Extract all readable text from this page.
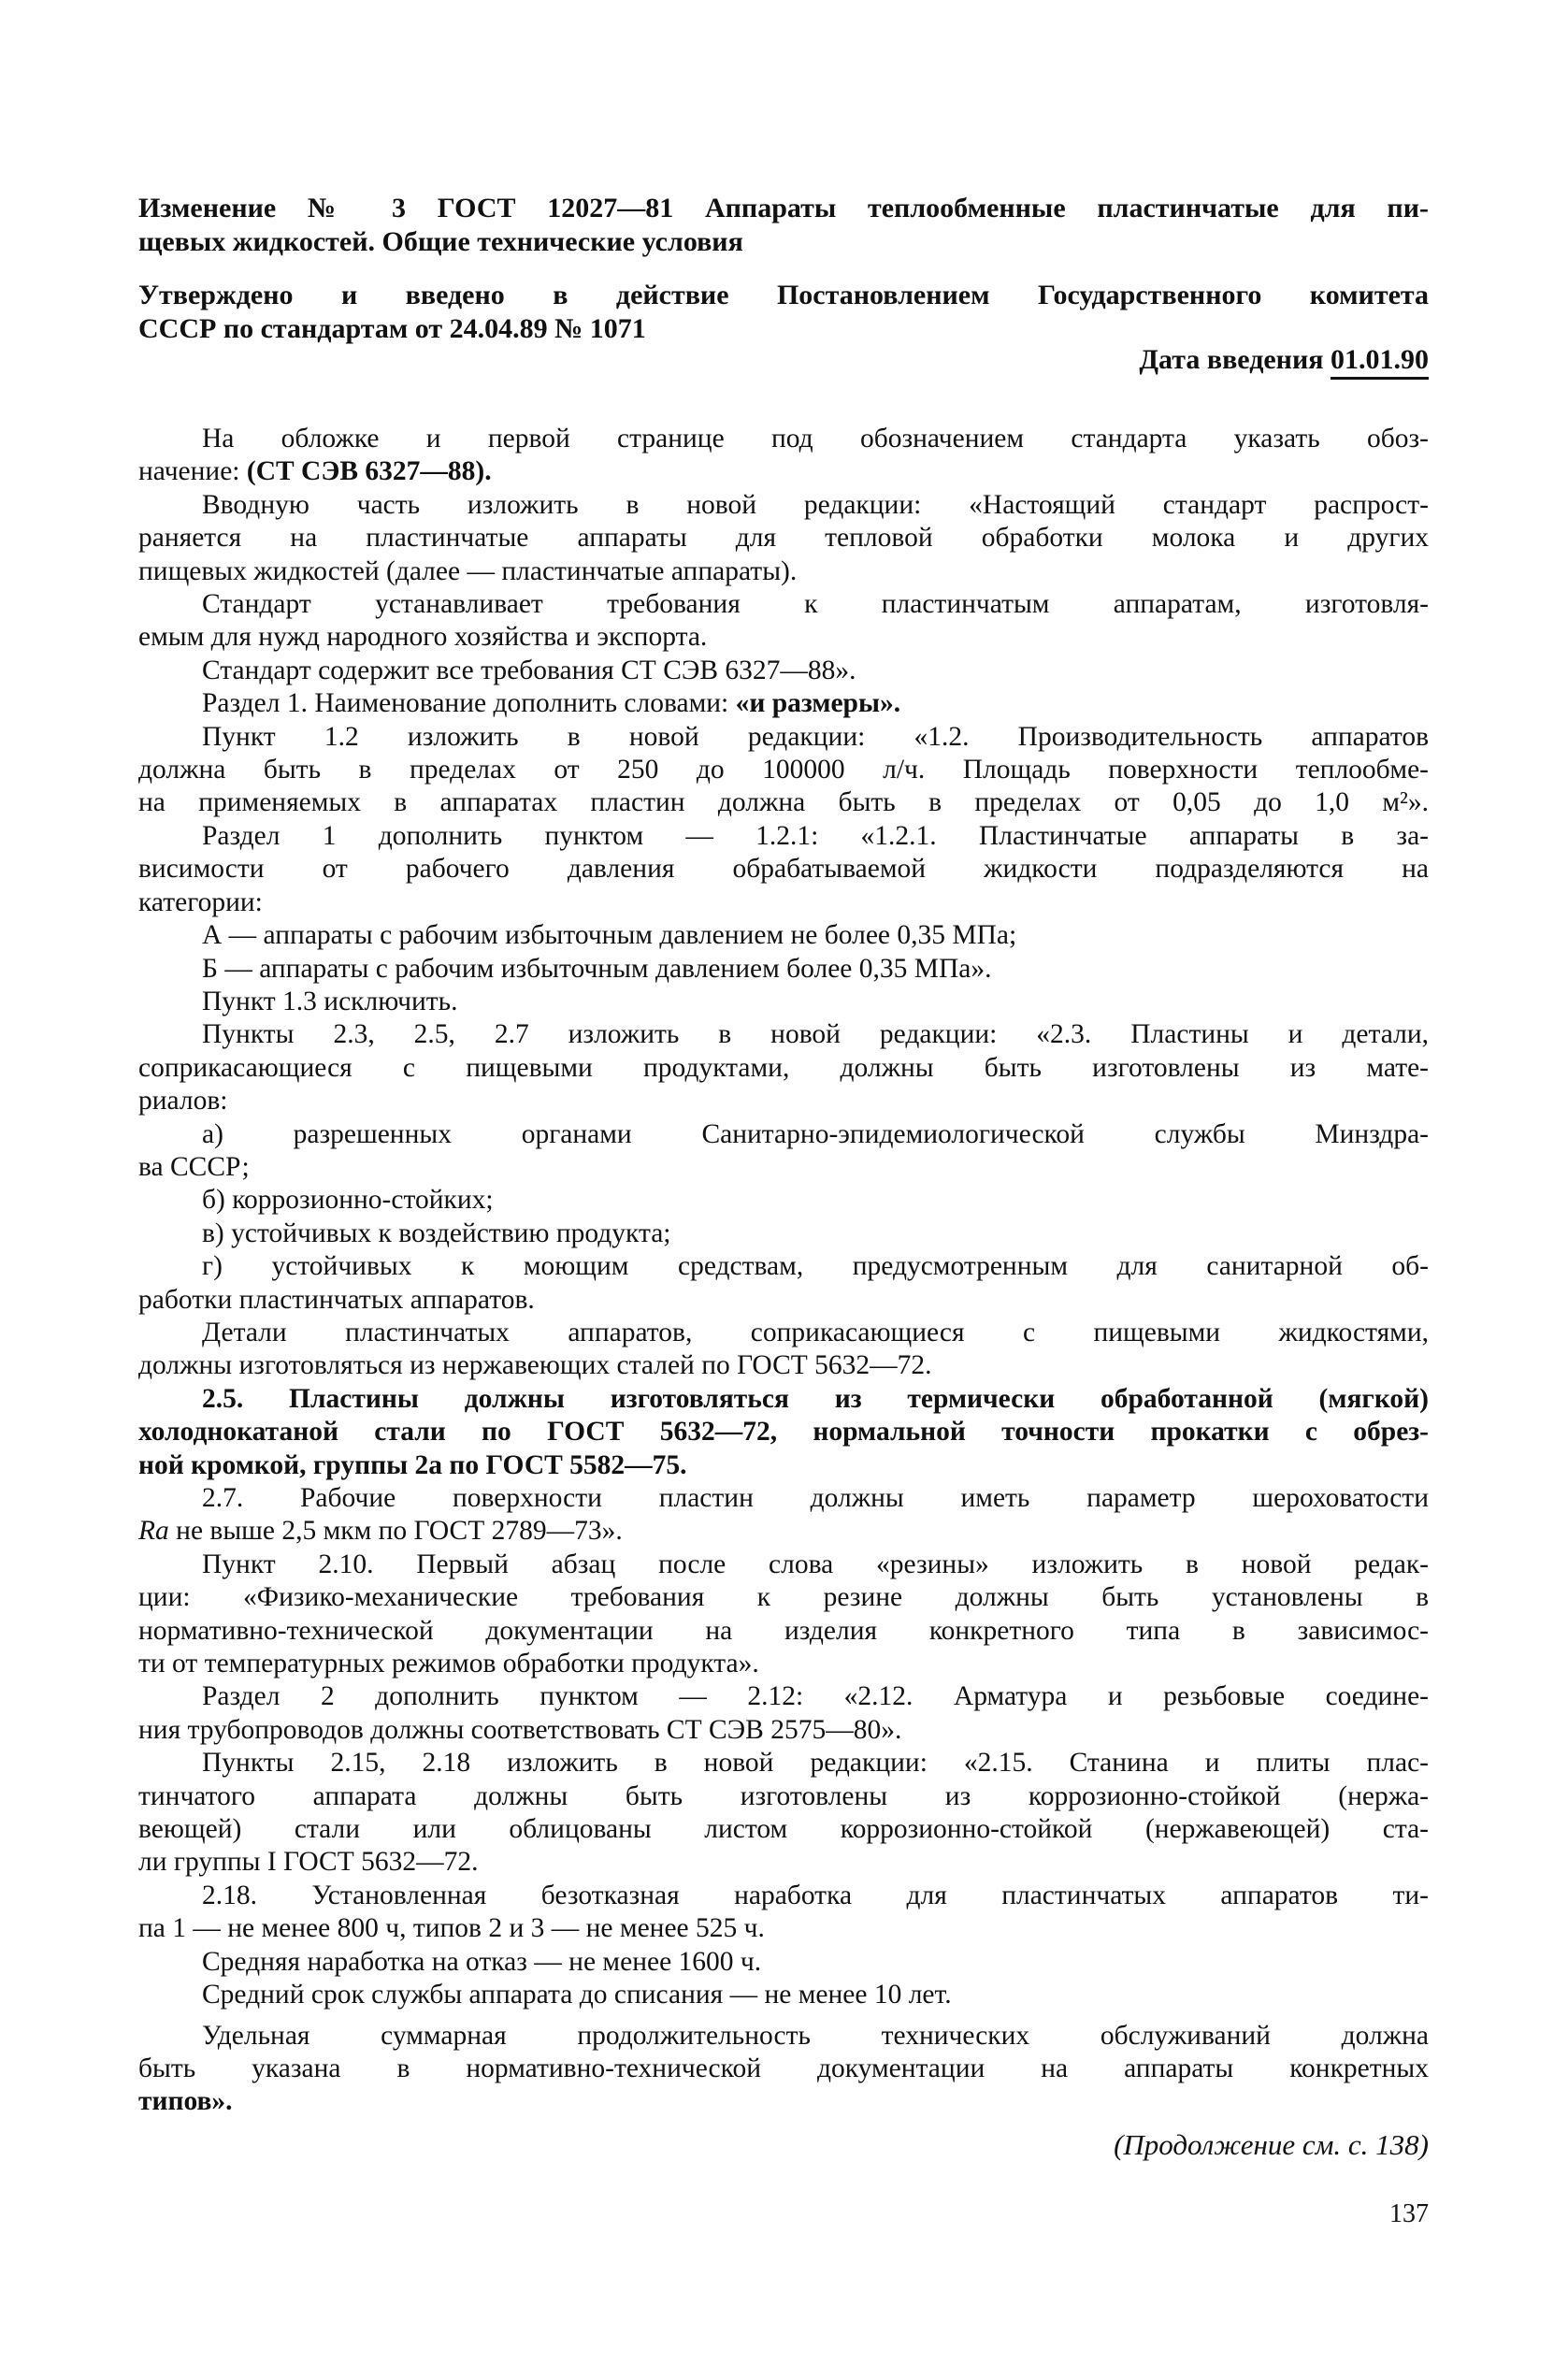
Изменение № 3 ГОСТ 12027—81 Аппараты теплообменные пластинчатые для пи-
щевых жидкостей. Общие технические условия
Утверждено и введено в действие Постановлением Государственного комитета
СССР по стандартам от 24.04.89 № 1071
Дата введения 01.01.90
На обложке и первой странице под обозначением стандарта указать обоз-
начение: (СТ СЭВ 6327—88).
Вводную часть изложить в новой редакции: «Настоящий стандарт распрост-
раняется на пластинчатые аппараты для тепловой обработки молока и других
пищевых жидкостей (далее — пластинчатые аппараты).
Стандарт устанавливает требования к пластинчатым аппаратам, изготовля-
емым для нужд народного хозяйства и экспорта.
Стандарт содержит все требования СТ СЭВ 6327—88».
Раздел 1. Наименование дополнить словами: «и размеры».
Пункт 1.2 изложить в новой редакции: «1.2. Производительность аппаратов
должна быть в пределах от 250 до 100000 л/ч. Площадь поверхности теплообме-
на применяемых в аппаратах пластин должна быть в пределах от 0,05 до 1,0 м²».
Раздел 1 дополнить пунктом — 1.2.1: «1.2.1. Пластинчатые аппараты в за-
висимости от рабочего давления обрабатываемой жидкости подразделяются на
категории:
А — аппараты с рабочим избыточным давлением не более 0,35 МПа;
Б — аппараты с рабочим избыточным давлением более 0,35 МПа».
Пункт 1.3 исключить.
Пункты 2.3, 2.5, 2.7 изложить в новой редакции: «2.3. Пластины и детали,
соприкасающиеся с пищевыми продуктами, должны быть изготовлены из мате-
риалов:
а) разрешенных органами Санитарно-эпидемиологической службы Минздра-
ва СССР;
б) коррозионно-стойких;
в) устойчивых к воздействию продукта;
г) устойчивых к моющим средствам, предусмотренным для санитарной об-
работки пластинчатых аппаратов.
Детали пластинчатых аппаратов, соприкасающиеся с пищевыми жидкостями,
должны изготовляться из нержавеющих сталей по ГОСТ 5632—72.
2.5. Пластины должны изготовляться из термически обработанной (мягкой)
холоднокатаной стали по ГОСТ 5632—72, нормальной точности прокатки с обрез-
ной кромкой, группы 2а по ГОСТ 5582—75.
2.7. Рабочие поверхности пластин должны иметь параметр шероховатости
Ra не выше 2,5 мкм по ГОСТ 2789—73».
Пункт 2.10. Первый абзац после слова «резины» изложить в новой редак-
ции: «Физико-механические требования к резине должны быть установлены в
нормативно-технической документации на изделия конкретного типа в зависимос-
ти от температурных режимов обработки продукта».
Раздел 2 дополнить пунктом — 2.12: «2.12. Арматура и резьбовые соедине-
ния трубопроводов должны соответствовать СТ СЭВ 2575—80».
Пункты 2.15, 2.18 изложить в новой редакции: «2.15. Станина и плиты плас-
тинчатого аппарата должны быть изготовлены из коррозионно-стойкой (нержа-
веющей) стали или облицованы листом коррозионно-стойкой (нержавеющей) ста-
ли группы I ГОСТ 5632—72.
2.18. Установленная безотказная наработка для пластинчатых аппаратов ти-
па 1 — не менее 800 ч, типов 2 и 3 — не менее 525 ч.
Средняя наработка на отказ — не менее 1600 ч.
Средний срок службы аппарата до списания — не менее 10 лет.
Удельная суммарная продолжительность технических обслуживаний должна
быть указана в нормативно-технической документации на аппараты конкретных
типов».
(Продолжение см. с. 138)
137
